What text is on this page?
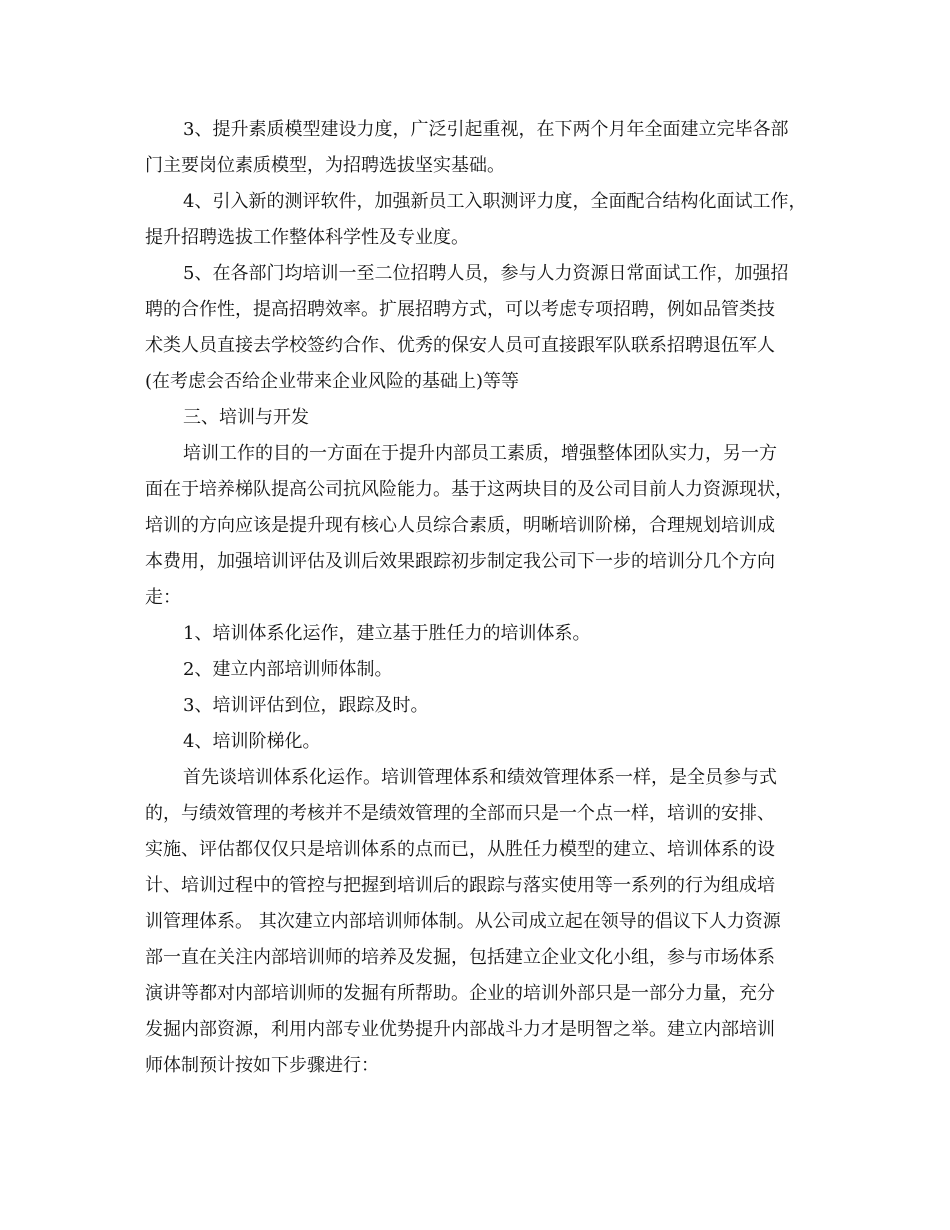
3、提升素质模型建设力度，广泛引起重视，在下两个月年全面建立完毕各部

门主要岗位素质模型，为招聘选拔坚实基础。

4、引入新的测评软件，加强新员工入职测评力度，全面配合结构化面试工作，

提升招聘选拔工作整体科学性及专业度。

5、在各部门均培训一至二位招聘人员，参与人力资源日常面试工作，加强招

聘的合作性，提高招聘效率。扩展招聘方式，可以考虑专项招聘，例如品管类技

术类人员直接去学校签约合作、优秀的保安人员可直接跟军队联系招聘退伍军人

(在考虑会否给企业带来企业风险的基础上)等等

三、培训与开发

培训工作的目的一方面在于提升内部员工素质，增强整体团队实力，另一方

面在于培养梯队提高公司抗风险能力。基于这两块目的及公司目前人力资源现状，

培训的方向应该是提升现有核心人员综合素质，明晰培训阶梯，合理规划培训成

本费用，加强培训评估及训后效果跟踪初步制定我公司下一步的培训分几个方向

走：

1、培训体系化运作，建立基于胜任力的培训体系。

2、建立内部培训师体制。

3、培训评估到位，跟踪及时。

4、培训阶梯化。

首先谈培训体系化运作。培训管理体系和绩效管理体系一样，是全员参与式

的，与绩效管理的考核并不是绩效管理的全部而只是一个点一样，培训的安排、

实施、评估都仅仅只是培训体系的点而已，从胜任力模型的建立、培训体系的设

计、培训过程中的管控与把握到培训后的跟踪与落实使用等一系列的行为组成培

训管理体系。 其次建立内部培训师体制。从公司成立起在领导的倡议下人力资源

部一直在关注内部培训师的培养及发掘，包括建立企业文化小组，参与市场体系

演讲等都对内部培训师的发掘有所帮助。企业的培训外部只是一部分力量，充分

发掘内部资源，利用内部专业优势提升内部战斗力才是明智之举。建立内部培训

师体制预计按如下步骤进行：
